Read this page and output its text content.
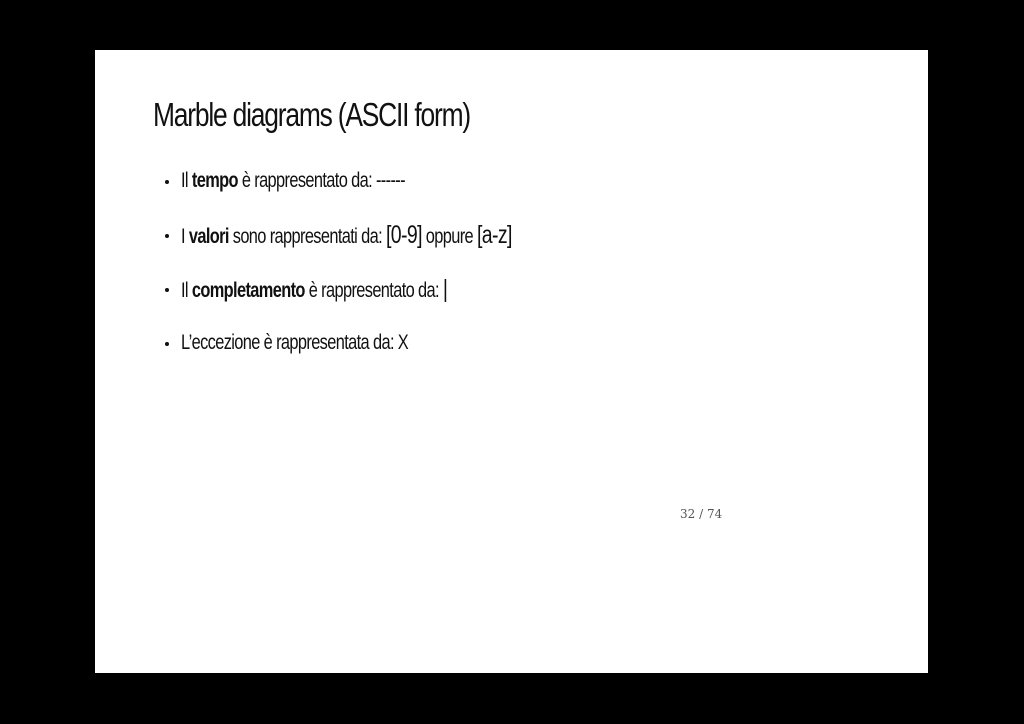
Marble diagrams (ASCII form)
Il tempo è rappresentato da: ------
I valori sono rappresentati da: [0-9] oppure [a-z]
Il completamento è rappresentato da: |
L’eccezione è rappresentata da: X
32 / 74
